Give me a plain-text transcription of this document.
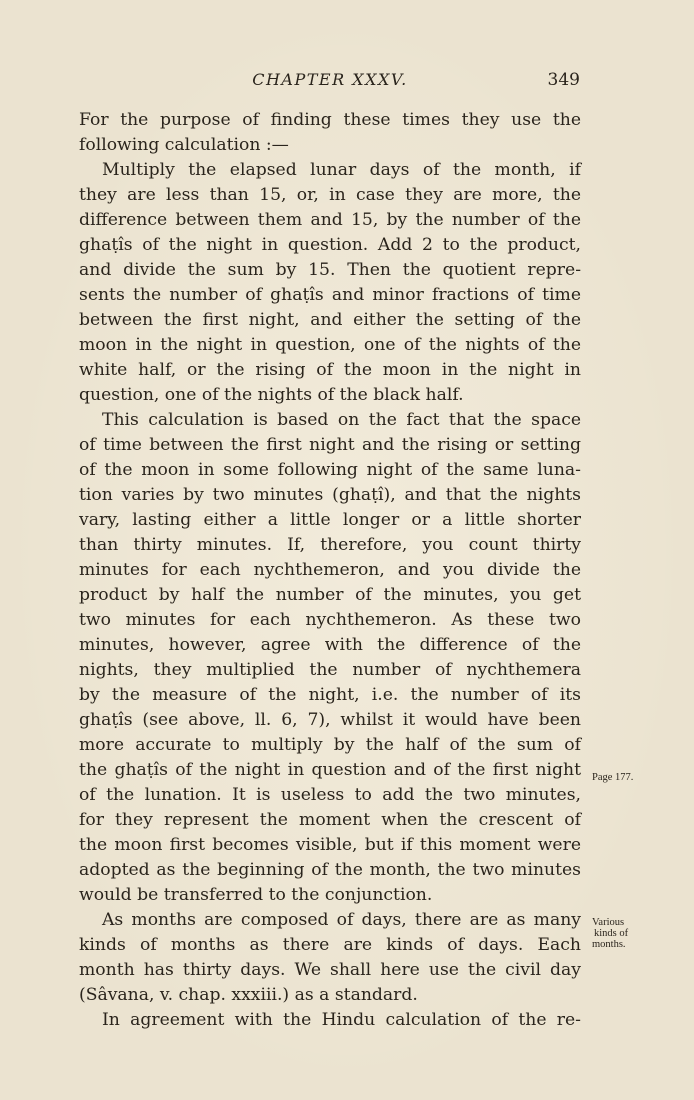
CHAPTER XXXV.	349
For the purpose of finding these times they use the
following calculation :—
Multiply the elapsed lunar days of the month, if
they are less than 15, or, in case they are more, the
difference between them and 15, by the number of the
ghaṭîs of the night in question. Add 2 to the product,
and divide the sum by 15. Then the quotient repre-
sents the number of ghaṭîs and minor fractions of time
between the first night, and either the setting of the
moon in the night in question, one of the nights of the
white half, or the rising of the moon in the night in
question, one of the nights of the black half.
This calculation is based on the fact that the space
of time between the first night and the rising or setting
of the moon in some following night of the same luna-
tion varies by two minutes (ghaṭî), and that the nights
vary, lasting either a little longer or a little shorter
than thirty minutes. If, therefore, you count thirty
minutes for each nychthemeron, and you divide the
product by half the number of the minutes, you get
two minutes for each nychthemeron. As these two
minutes, however, agree with the difference of the
nights, they multiplied the number of nychthemera
by the measure of the night, i.e. the number of its
ghaṭîs (see above, ll. 6, 7), whilst it would have been
more accurate to multiply by the half of the sum of
the ghaṭîs of the night in question and of the first night
of the lunation. It is useless to add the two minutes,
for they represent the moment when the crescent of
the moon first becomes visible, but if this moment were
adopted as the beginning of the month, the two minutes
would be transferred to the conjunction.
As months are composed of days, there are as many
kinds of months as there are kinds of days. Each
month has thirty days. We shall here use the civil day
(Sâvana, v. chap. xxxiii.) as a standard.
In agreement with the Hindu calculation of the re-
Page 177.
Various
kinds of
months.
